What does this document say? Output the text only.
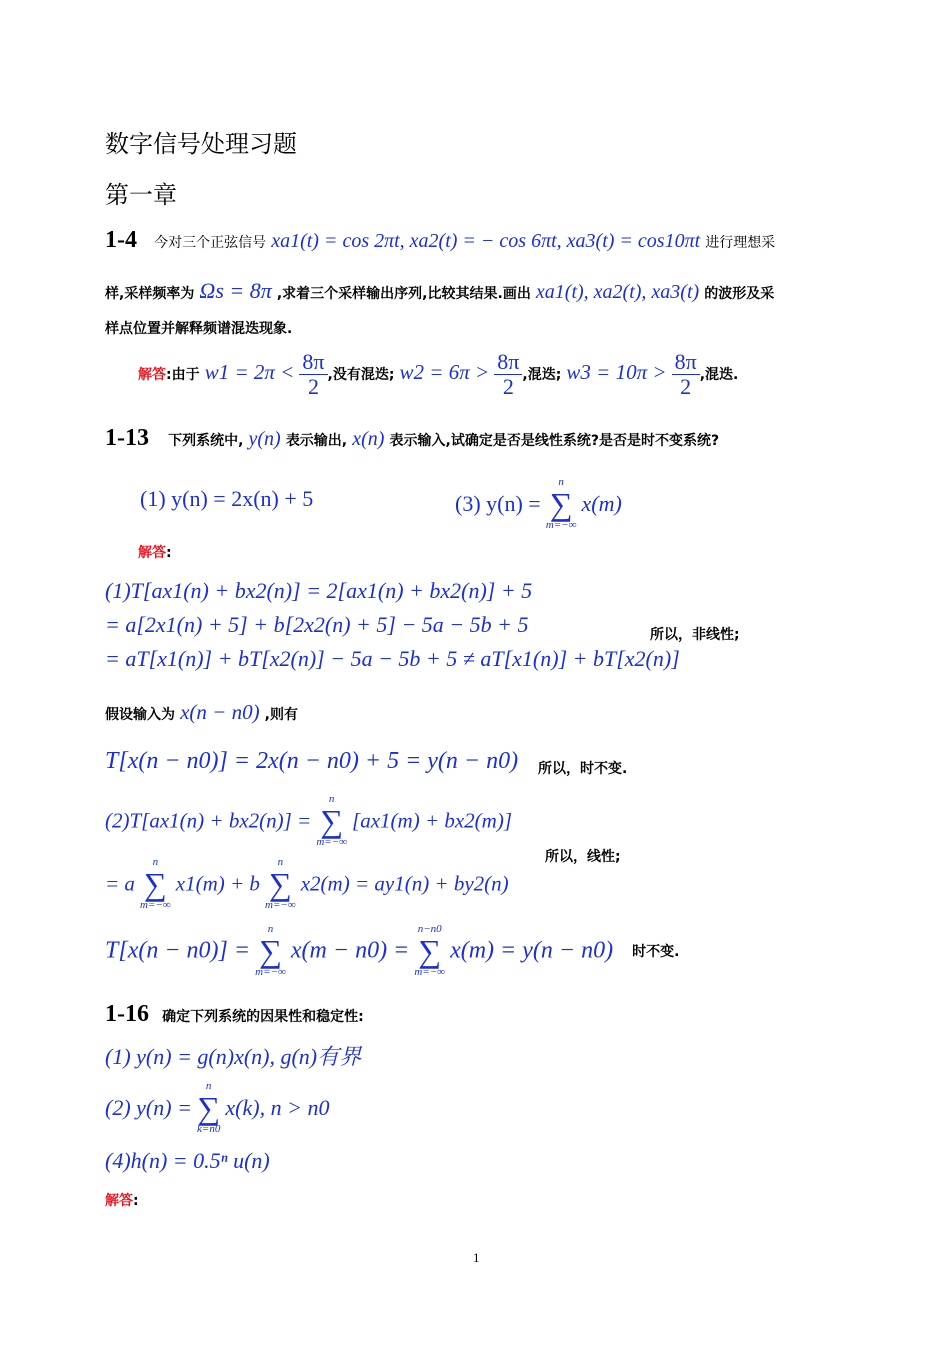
数字信号处理习题
第一章
1-4 今对三个正弦信号 xa1(t) = cos 2πt, xa2(t) = − cos 6πt, xa3(t) = cos10πt 进行理想采
样,采样频率为 Ωs = 8π ,求着三个采样输出序列,比较其结果.画出 xa1(t), xa2(t), xa3(t) 的波形及采
样点位置并解释频谱混迭现象.
解答:由于 $w1 = 2\pi < \frac{8\pi}{2}$ ,没有混迭; $w2 = 6\pi > \frac{8\pi}{2}$ ,混迭; $w3 = 10\pi > \frac{8\pi}{2}$ ,混迭.
1-13 下列系统中, y(n) 表示输出, x(n) 表示输入,试确定是否是线性系统?是否是时不变系统?
(1) y(n) = 2x(n) + 5	(3) y(n) =
n
∑
m=−∞
x(m)
解答:
(1)T[ax1(n) + bx2(n)] = 2[ax1(n) + bx2(n)] + 5
= a[2x1(n) + 5] + b[2x2(n) + 5] − 5a − 5b + 5
= aT[x1(n)] + bT[x2(n)] − 5a − 5b + 5 ≠ aT[x1(n)] + bT[x2(n)]
所以，非线性;
假设输入为 x(n − n0) ,则有
T[x(n − n0)] = 2x(n − n0) + 5 = y(n − n0) 所以，时不变.
(2)T[ax1(n) + bx2(n)] =
n
∑
m=−∞
[ax1(m) + bx2(m)]
所以，线性;
= a
n
∑
m=−∞
x1(m) + b
n
∑
m=−∞
x2(m) = ay1(n) + by2(n)
T[x(n − n0)] =
n
∑
m=−∞
x(m − n0) =
n−n0
∑
m=−∞
x(m) = y(n − n0) 时不变.
1-16 确定下列系统的因果性和稳定性:
(1) y(n) = g(n)x(n), g(n)有界
(2) y(n) =
n
∑
k=n0
x(k), n > n0
(4)h(n) = 0.5ⁿ u(n)
解答:
1
